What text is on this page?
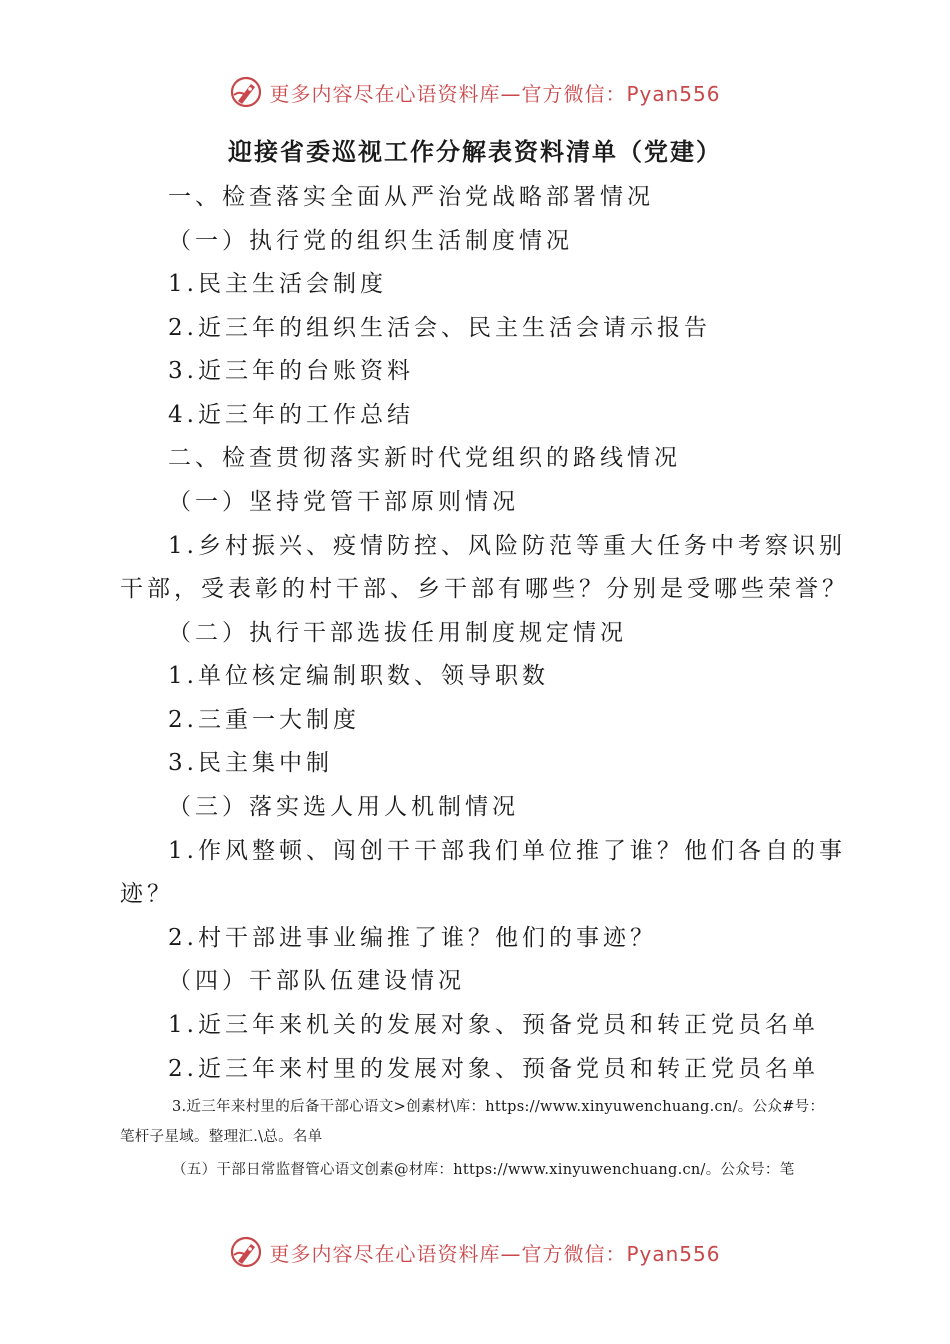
更多内容尽在心语资料库—官方微信：Pyan556
迎接省委巡视工作分解表资料清单（党建）
一、检查落实全面从严治党战略部署情况
（一）执行党的组织生活制度情况
1.民主生活会制度
2.近三年的组织生活会、民主生活会请示报告
3.近三年的台账资料
4.近三年的工作总结
二、检查贯彻落实新时代党组织的路线情况
（一）坚持党管干部原则情况
1.乡村振兴、疫情防控、风险防范等重大任务中考察识别
干部，受表彰的村干部、乡干部有哪些？分别是受哪些荣誉？
（二）执行干部选拔任用制度规定情况
1.单位核定编制职数、领导职数
2.三重一大制度
3.民主集中制
（三）落实选人用人机制情况
1.作风整顿、闯创干干部我们单位推了谁？他们各自的事
迹？
2.村干部进事业编推了谁？他们的事迹？
（四）干部队伍建设情况
1.近三年来机关的发展对象、预备党员和转正党员名单
2.近三年来村里的发展对象、预备党员和转正党员名单
3.近三年来村里的后备干部心语文>创素材\库：https://www.xinyuwenchuang.cn/。公众#号：
笔杆子星域。整理汇.\总。名单
（五）干部日常监督管心语文创素@材库：https://www.xinyuwenchuang.cn/。公众号：笔
更多内容尽在心语资料库—官方微信：Pyan556
